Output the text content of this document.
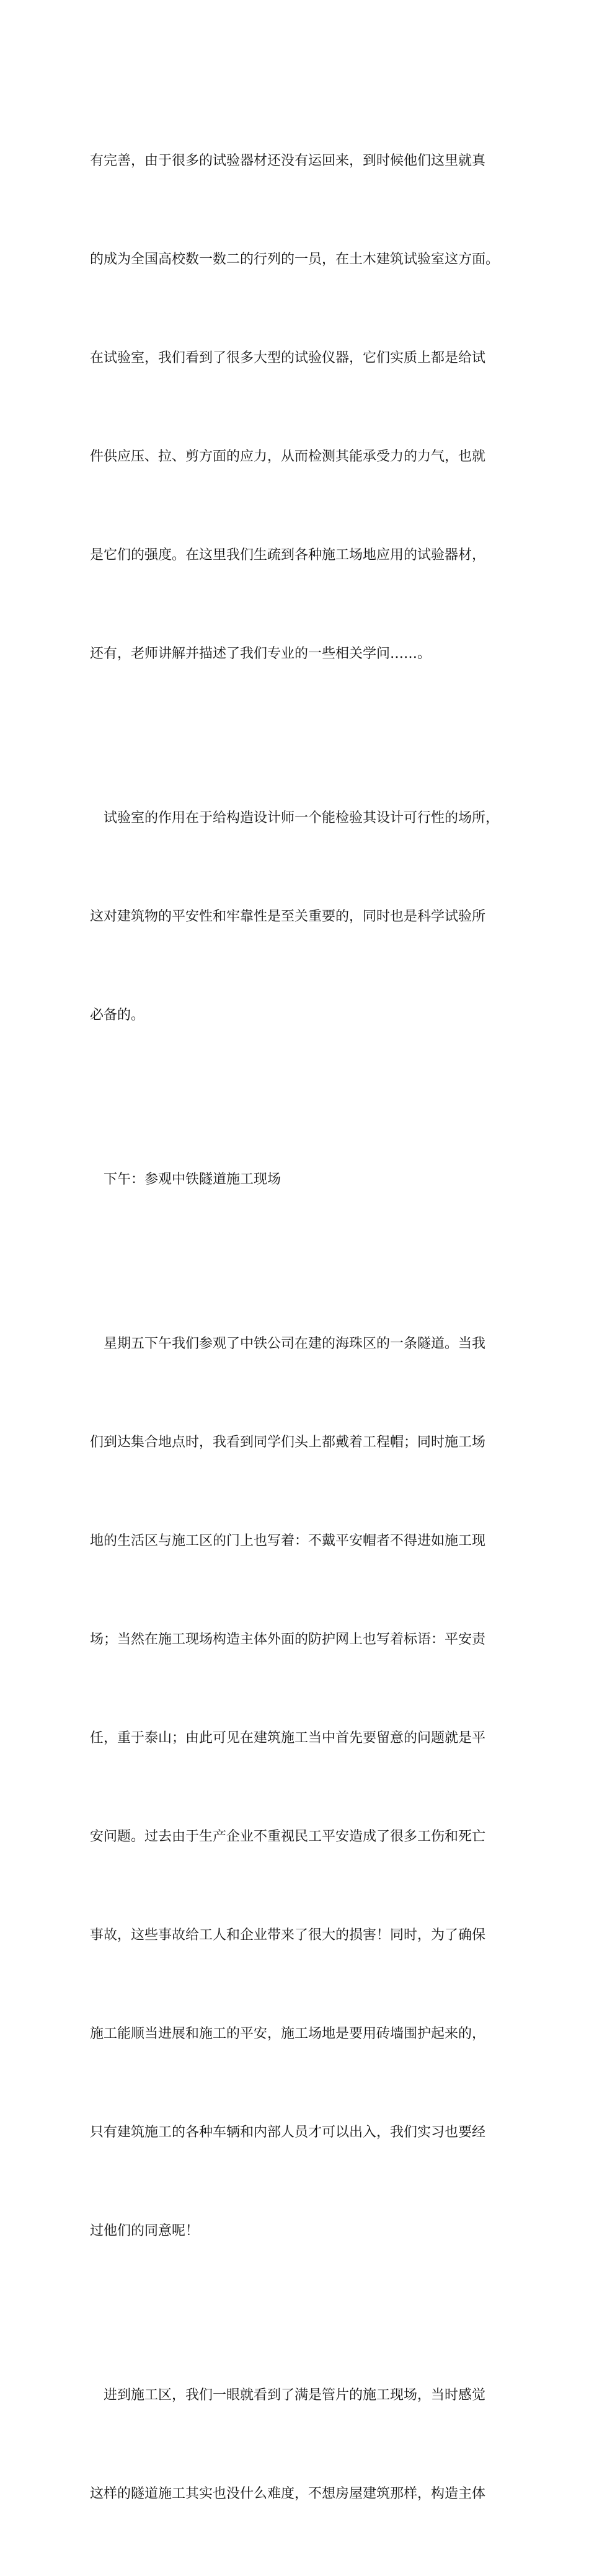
有完善，由于很多的试验器材还没有运回来，到时候他们这里就真

的成为全国高校数一数二的行列的一员，在土木建筑试验室这方面。

在试验室，我们看到了很多大型的试验仪器，它们实质上都是给试

件供应压、拉、剪方面的应力，从而检测其能承受力的力气，也就

是它们的强度。在这里我们生疏到各种施工场地应用的试验器材，

还有，老师讲解并描述了我们专业的一些相关学问……。

试验室的作用在于给构造设计师一个能检验其设计可行性的场所，

这对建筑物的平安性和牢靠性是至关重要的，同时也是科学试验所

必备的。

下午：参观中铁隧道施工现场

星期五下午我们参观了中铁公司在建的海珠区的一条隧道。当我

们到达集合地点时，我看到同学们头上都戴着工程帽；同时施工场

地的生活区与施工区的门上也写着：不戴平安帽者不得进如施工现

场；当然在施工现场构造主体外面的防护网上也写着标语：平安责

任，重于泰山；由此可见在建筑施工当中首先要留意的问题就是平

安问题。过去由于生产企业不重视民工平安造成了很多工伤和死亡

事故，这些事故给工人和企业带来了很大的损害！同时，为了确保

施工能顺当进展和施工的平安，施工场地是要用砖墙围护起来的，

只有建筑施工的各种车辆和内部人员才可以出入，我们实习也要经

过他们的同意呢！

进到施工区，我们一眼就看到了满是管片的施工现场，当时感觉

这样的隧道施工其实也没什么难度，不想房屋建筑那样，构造主体
